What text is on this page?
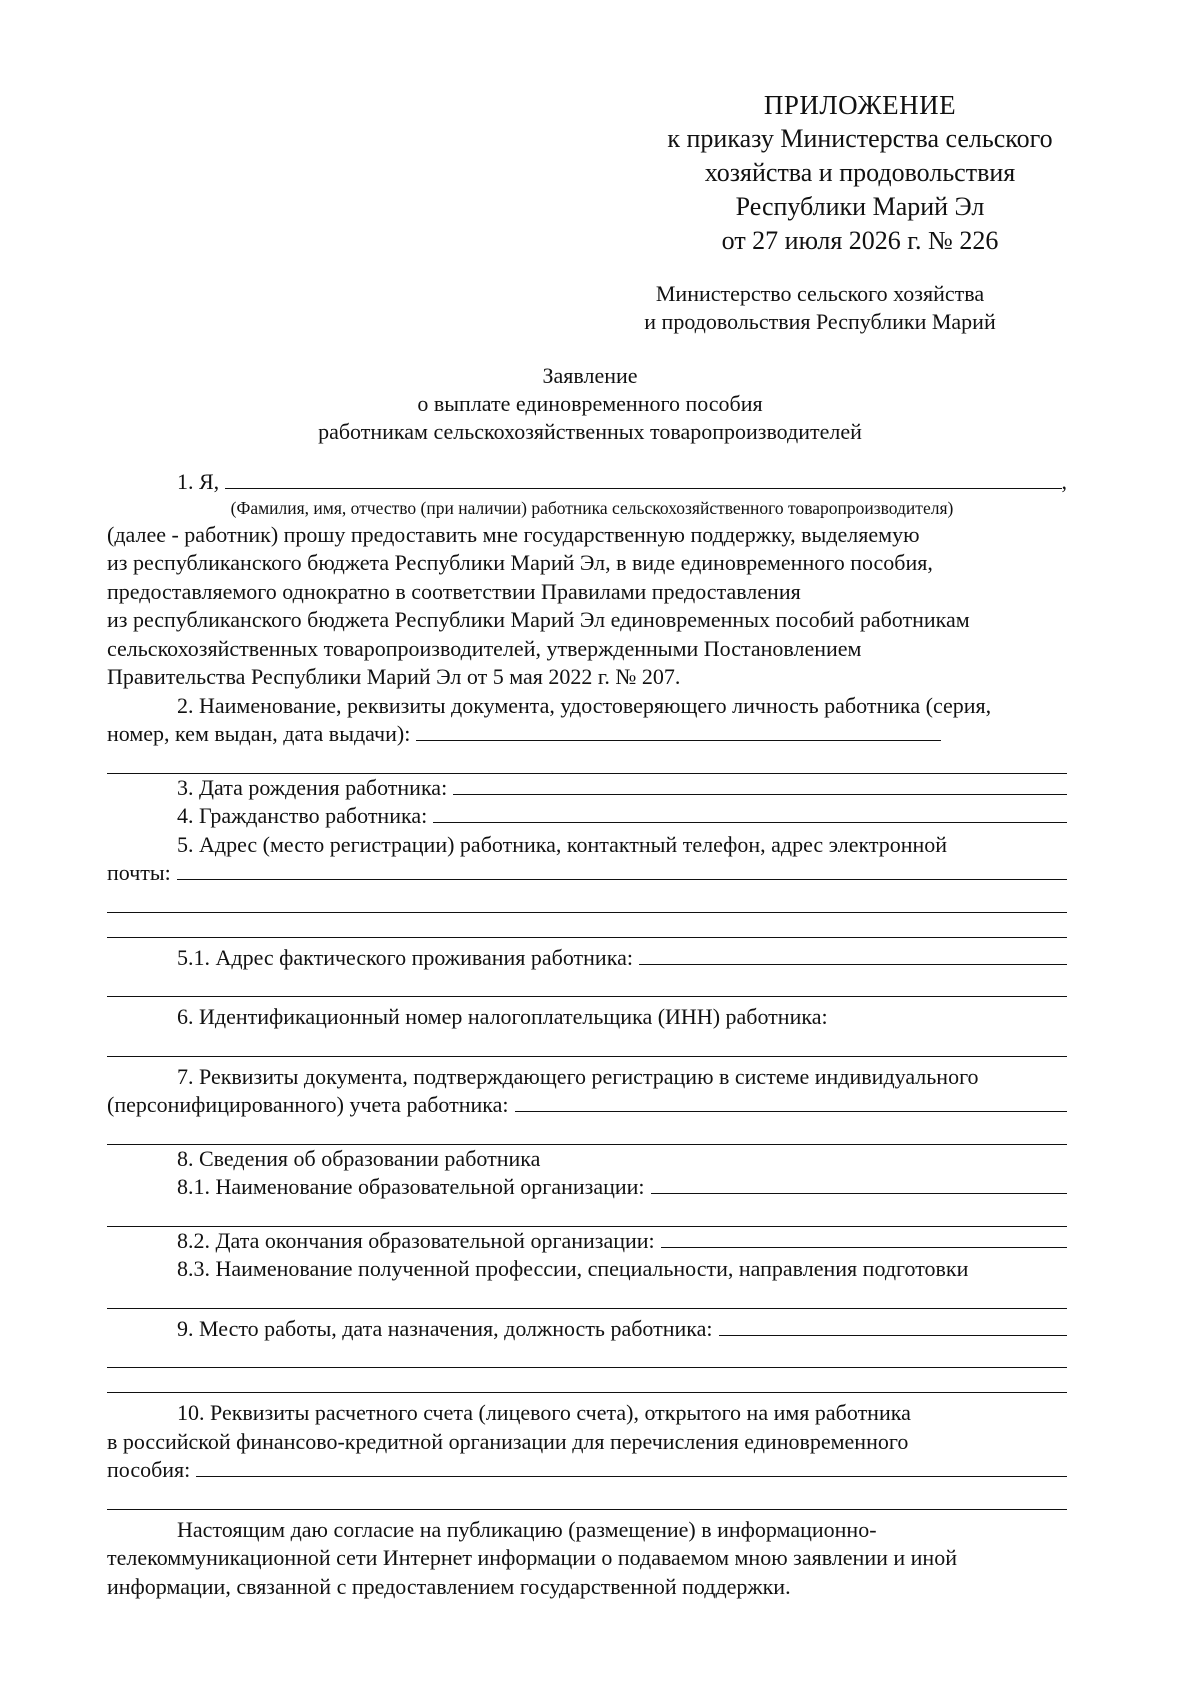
ПРИЛОЖЕНИЕ
к приказу Министерства сельского
хозяйства и продовольствия
Республики Марий Эл
от 27 июля 2026 г. № 226
Министерство сельского хозяйства
и продовольствия Республики Марий
Заявление
о выплате единовременного пособия
работникам сельскохозяйственных товаропроизводителей
1. Я,	,
(Фамилия, имя, отчество (при наличии) работника сельскохозяйственного товаропроизводителя)
(далее - работник) прошу предоставить мне государственную поддержку, выделяемую
из республиканского бюджета Республики Марий Эл, в виде единовременного пособия,
предоставляемого однократно в соответствии Правилами предоставления
из республиканского бюджета Республики Марий Эл единовременных пособий работникам
сельскохозяйственных товаропроизводителей, утвержденными Постановлением
Правительства Республики Марий Эл от 5 мая 2022 г. № 207.
2. Наименование, реквизиты документа, удостоверяющего личность работника (серия,
номер, кем выдан, дата выдачи):
3. Дата рождения работника:
4. Гражданство работника:
5. Адрес (место регистрации) работника, контактный телефон, адрес электронной
почты:
5.1. Адрес фактического проживания работника:
6. Идентификационный номер налогоплательщика (ИНН) работника:
7. Реквизиты документа, подтверждающего регистрацию в системе индивидуального
(персонифицированного) учета работника:
8. Сведения об образовании работника
8.1. Наименование образовательной организации:
8.2. Дата окончания образовательной организации:
8.3. Наименование полученной профессии, специальности, направления подготовки
9. Место работы, дата назначения, должность работника:
10. Реквизиты расчетного счета (лицевого счета), открытого на имя работника
в российской финансово-кредитной организации для перечисления единовременного
пособия:
Настоящим даю согласие на публикацию (размещение) в информационно-
телекоммуникационной сети Интернет информации о подаваемом мною заявлении и иной
информации, связанной с предоставлением государственной поддержки.
